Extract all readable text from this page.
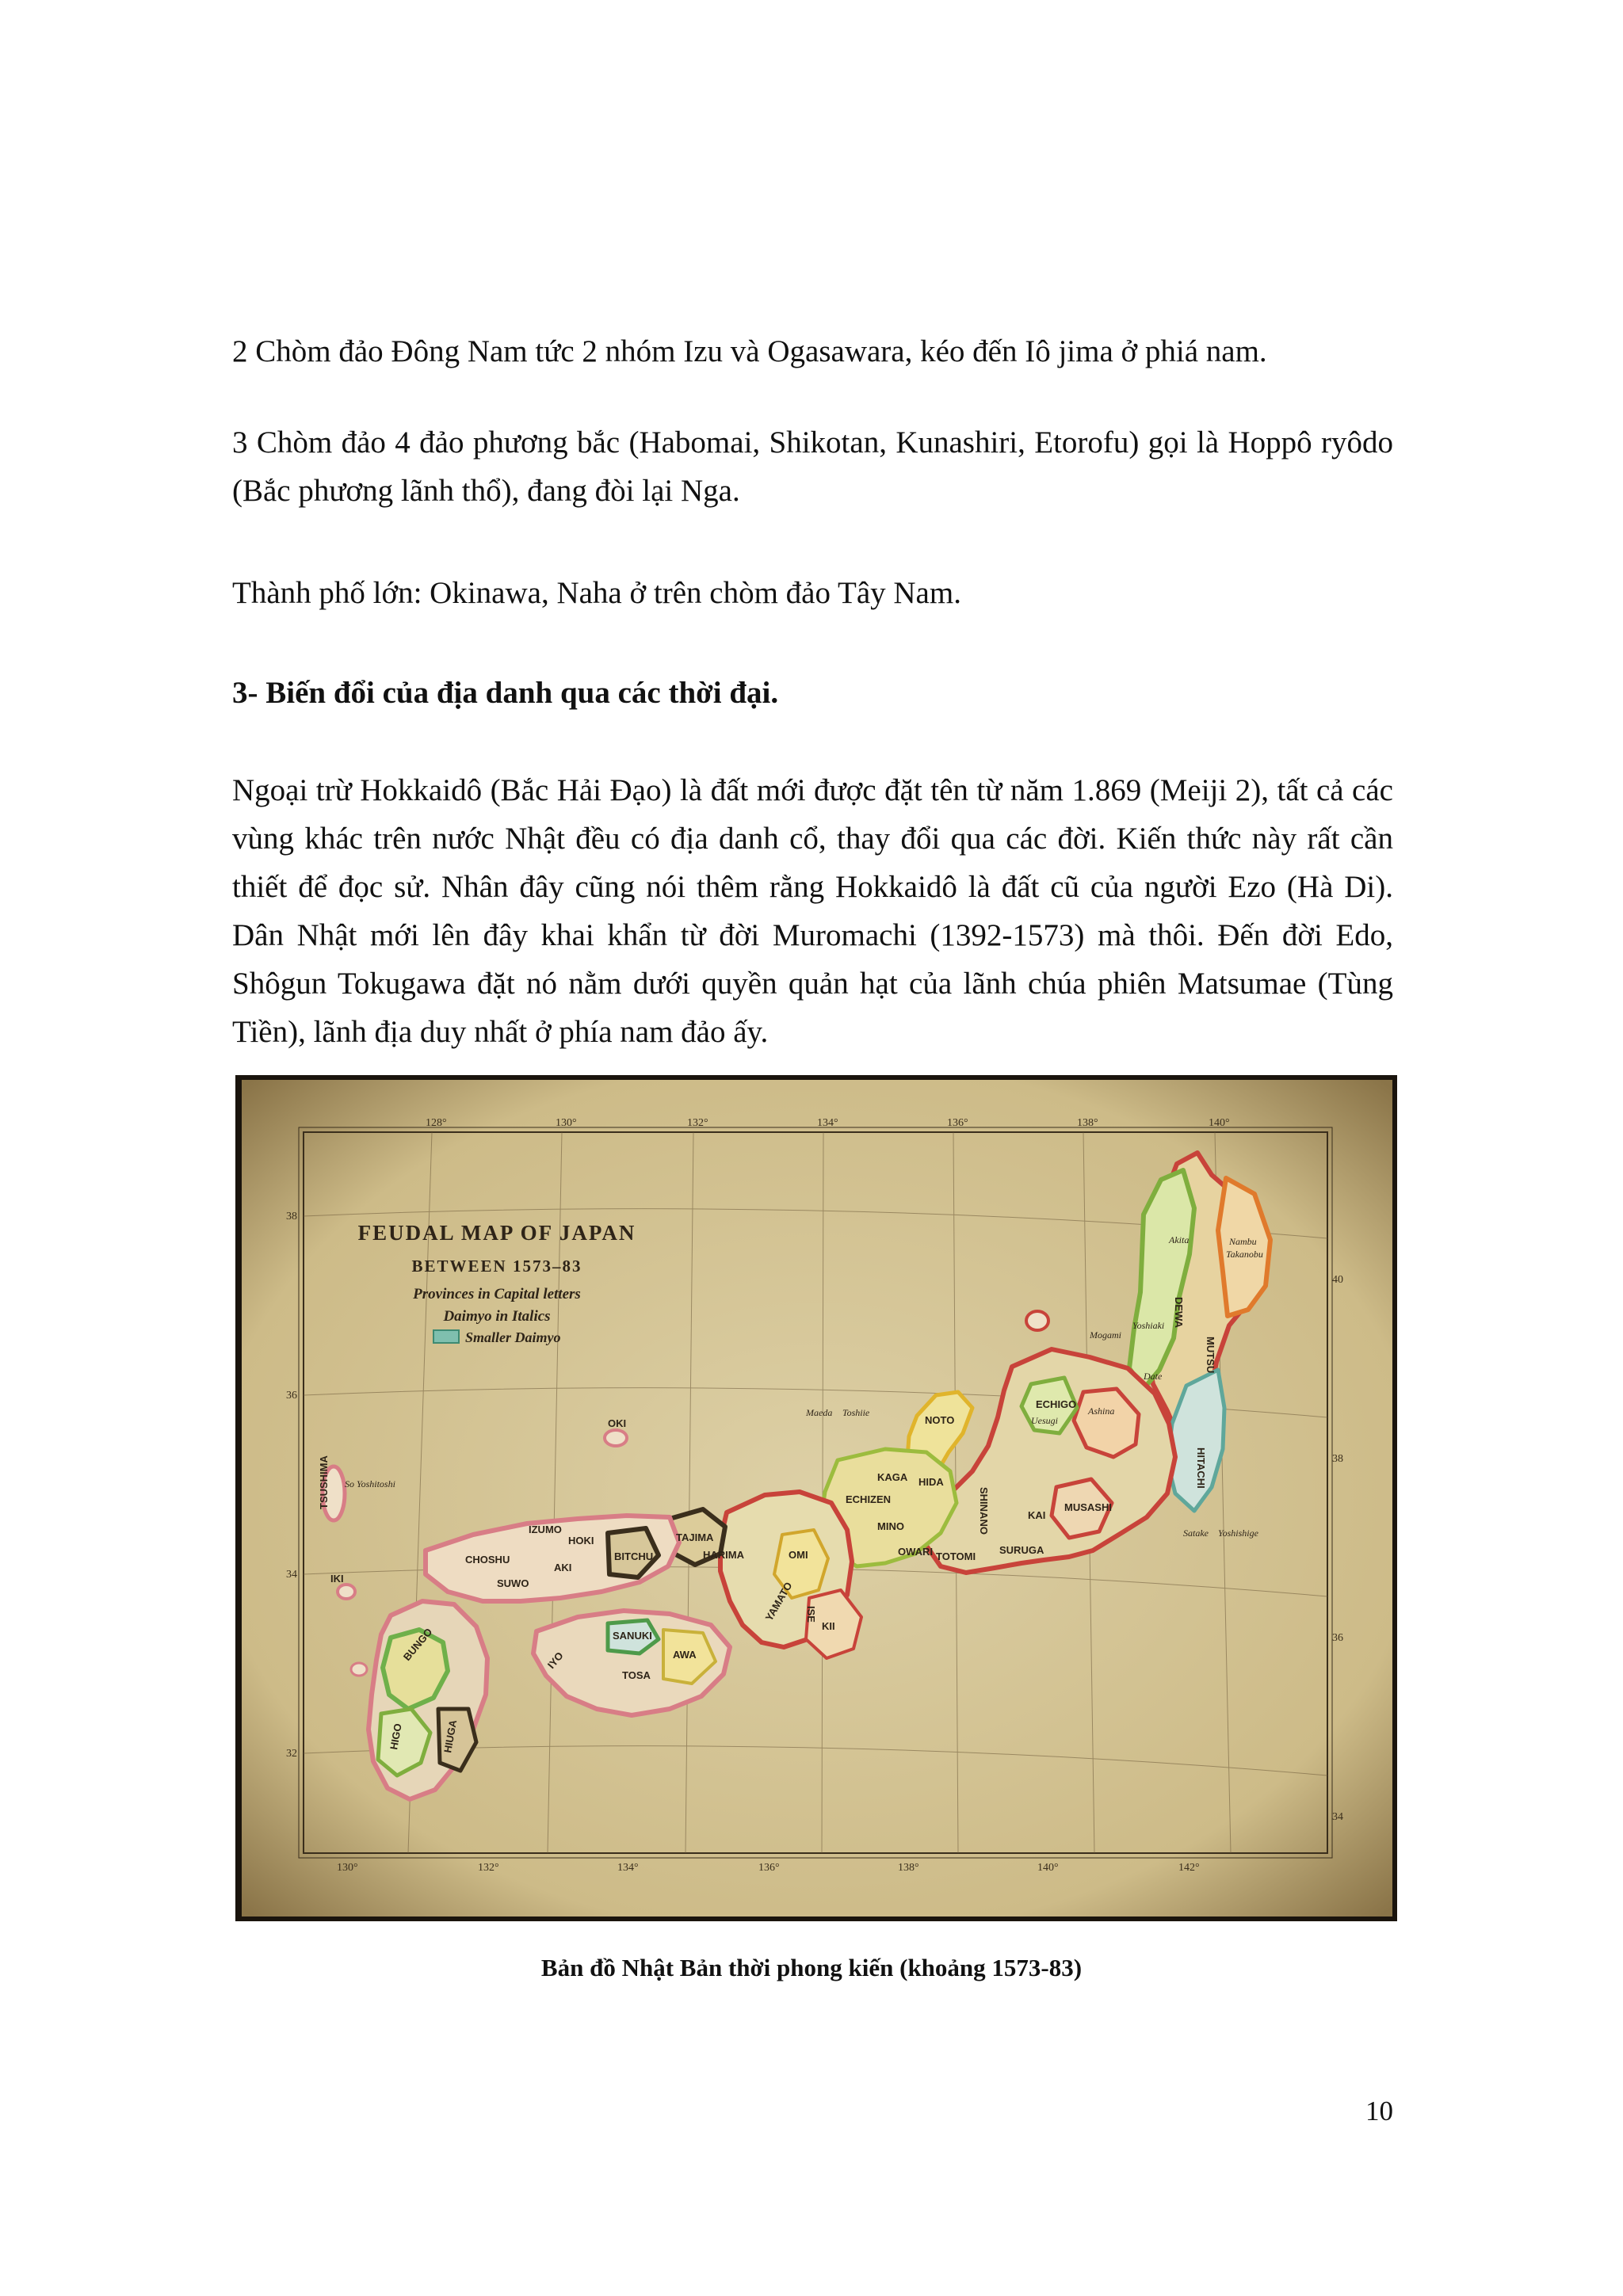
2 Chòm đảo Đông Nam tức 2 nhóm Izu và Ogasawara, kéo đến Iô jima ở phiá nam.

3 Chòm đảo 4 đảo phương bắc (Habomai, Shikotan, Kunashiri, Etorofu) gọi là Hoppô ryôdo (Bắc phương lãnh thổ), đang đòi lại Nga.

Thành phố lớn: Okinawa, Naha ở trên chòm đảo Tây Nam.

3- Biến đổi của địa danh qua các thời đại.

Ngoại trừ Hokkaidô (Bắc Hải Đạo) là đất mới được đặt tên từ năm 1.869 (Meiji 2), tất cả các vùng khác trên nước Nhật đều có địa danh cổ, thay đổi qua các đời. Kiến thức này rất cần thiết để đọc sử. Nhân đây cũng nói thêm rằng Hokkaidô là đất cũ của người Ezo (Hà Di). Dân Nhật mới lên đây khai khẩn từ đời Muromachi (1392-1573) mà thôi. Đến đời Edo, Shôgun Tokugawa đặt nó nằm dưới quyền quản hạt của lãnh chúa phiên Matsumae (Tùng Tiền), lãnh địa duy nhất ở phía nam đảo ấy.

128°	130°	132°	134°	136°	138°	140°
130°	132°	134°	136°	138°	140°	142°
38
36
34
32
40
38
36
34
FEUDAL MAP OF JAPAN
BETWEEN 1573–83
Provinces in Capital letters
Daimyo in Italics
Smaller Daimyo
DEWA
MUTSU
ECHIGO
SHINANO	KAI
MUSASHI
HITACHI
NOTO
KAGA
ECHIZEN
HIDA
MINO
OWARI TOTOMI
SURUGA
OMI
ISE
YAMATO
KII
HARIMA
TAJIMA
HOKI
IZUMO
BITCHU
AKI
SUWO
CHOSHU
SANUKI
AWA
TOSA
IYO
BUNGO
HIGO	HIUGA
TSUSHIMA
IKI
OKI
Akita	Nambu
Takanobu
Mogami
Yoshiaki
Date
Ashina
Maeda Toshiie
Uesugi
Satake Yoshishige
So Yoshitoshi
Bản đồ Nhật Bản thời phong kiến (khoảng 1573-83)
10
